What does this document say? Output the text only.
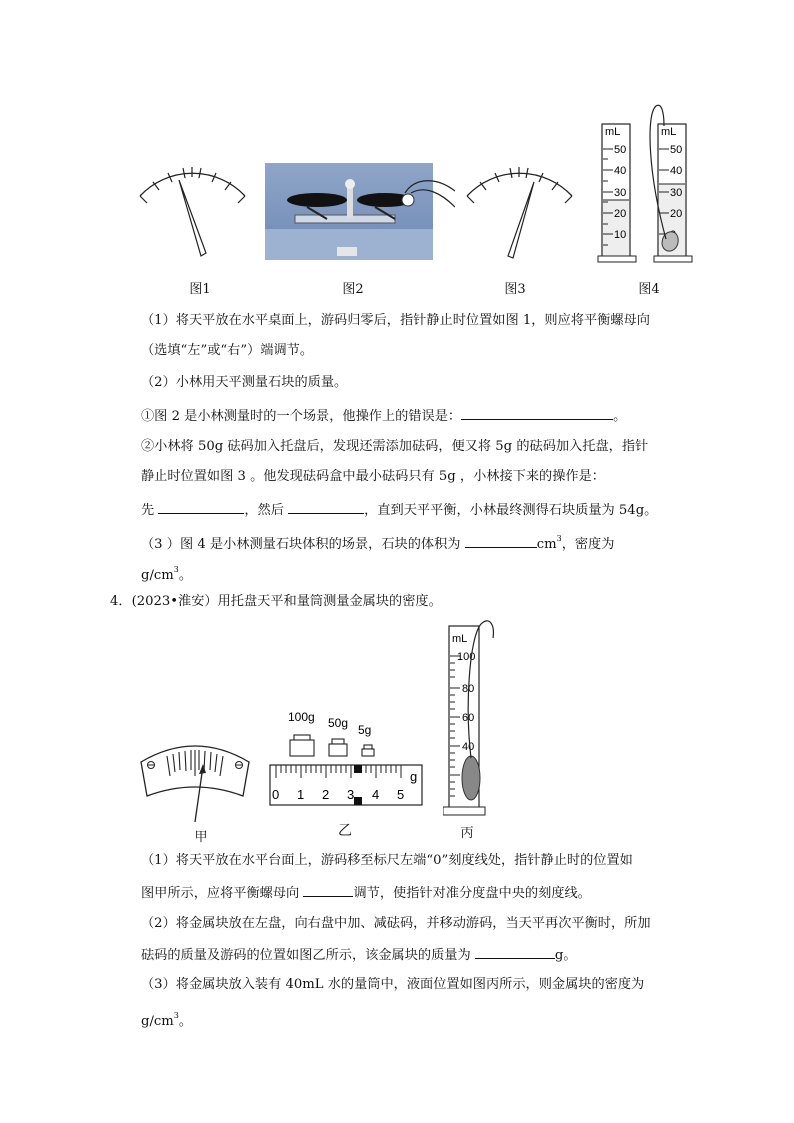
mL
50
40
30
20
10
mL
50
40
30
20
图1	图2	图3	图4
（1）将天平放在水平桌面上，游码归零后，指针静止时位置如图 1，则应将平衡螺母向
（选填“左”或“右”）端调节。
（2）小林用天平测量石块的质量。
①图 2 是小林测量时的一个场景，他操作上的错误是：	。
②小林将 50g 砝码加入托盘后，发现还需添加砝码，便又将 5g 的砝码加入托盘，指针
静止时位置如图 3 。他发现砝码盒中最小砝码只有 5g ，小林接下来的操作是：
先	，然后	，直到天平平衡，小林最终测得石块质量为 54g。
（3 ）图 4 是小林测量石块体积的场景，石块的体积为	$cm^3$，密度为
$g/cm^3$。
4．(2023•淮安）用托盘天平和量筒测量金属块的密度。
100g 50g 5g
g
0 1 2 3 4 5
mL
100
80
60
40
甲	乙	丙
（1）将天平放在水平台面上，游码移至标尺左端“0”刻度线处，指针静止时的位置如
图甲所示，应将平衡螺母向	调节，使指针对准分度盘中央的刻度线。
（2）将金属块放在左盘，向右盘中加、减砝码，并移动游码，当天平再次平衡时，所加
砝码的质量及游码的位置如图乙所示，该金属块的质量为	g。
（3）将金属块放入装有 40mL 水的量筒中，液面位置如图丙所示，则金属块的密度为
$g/cm^3$。
